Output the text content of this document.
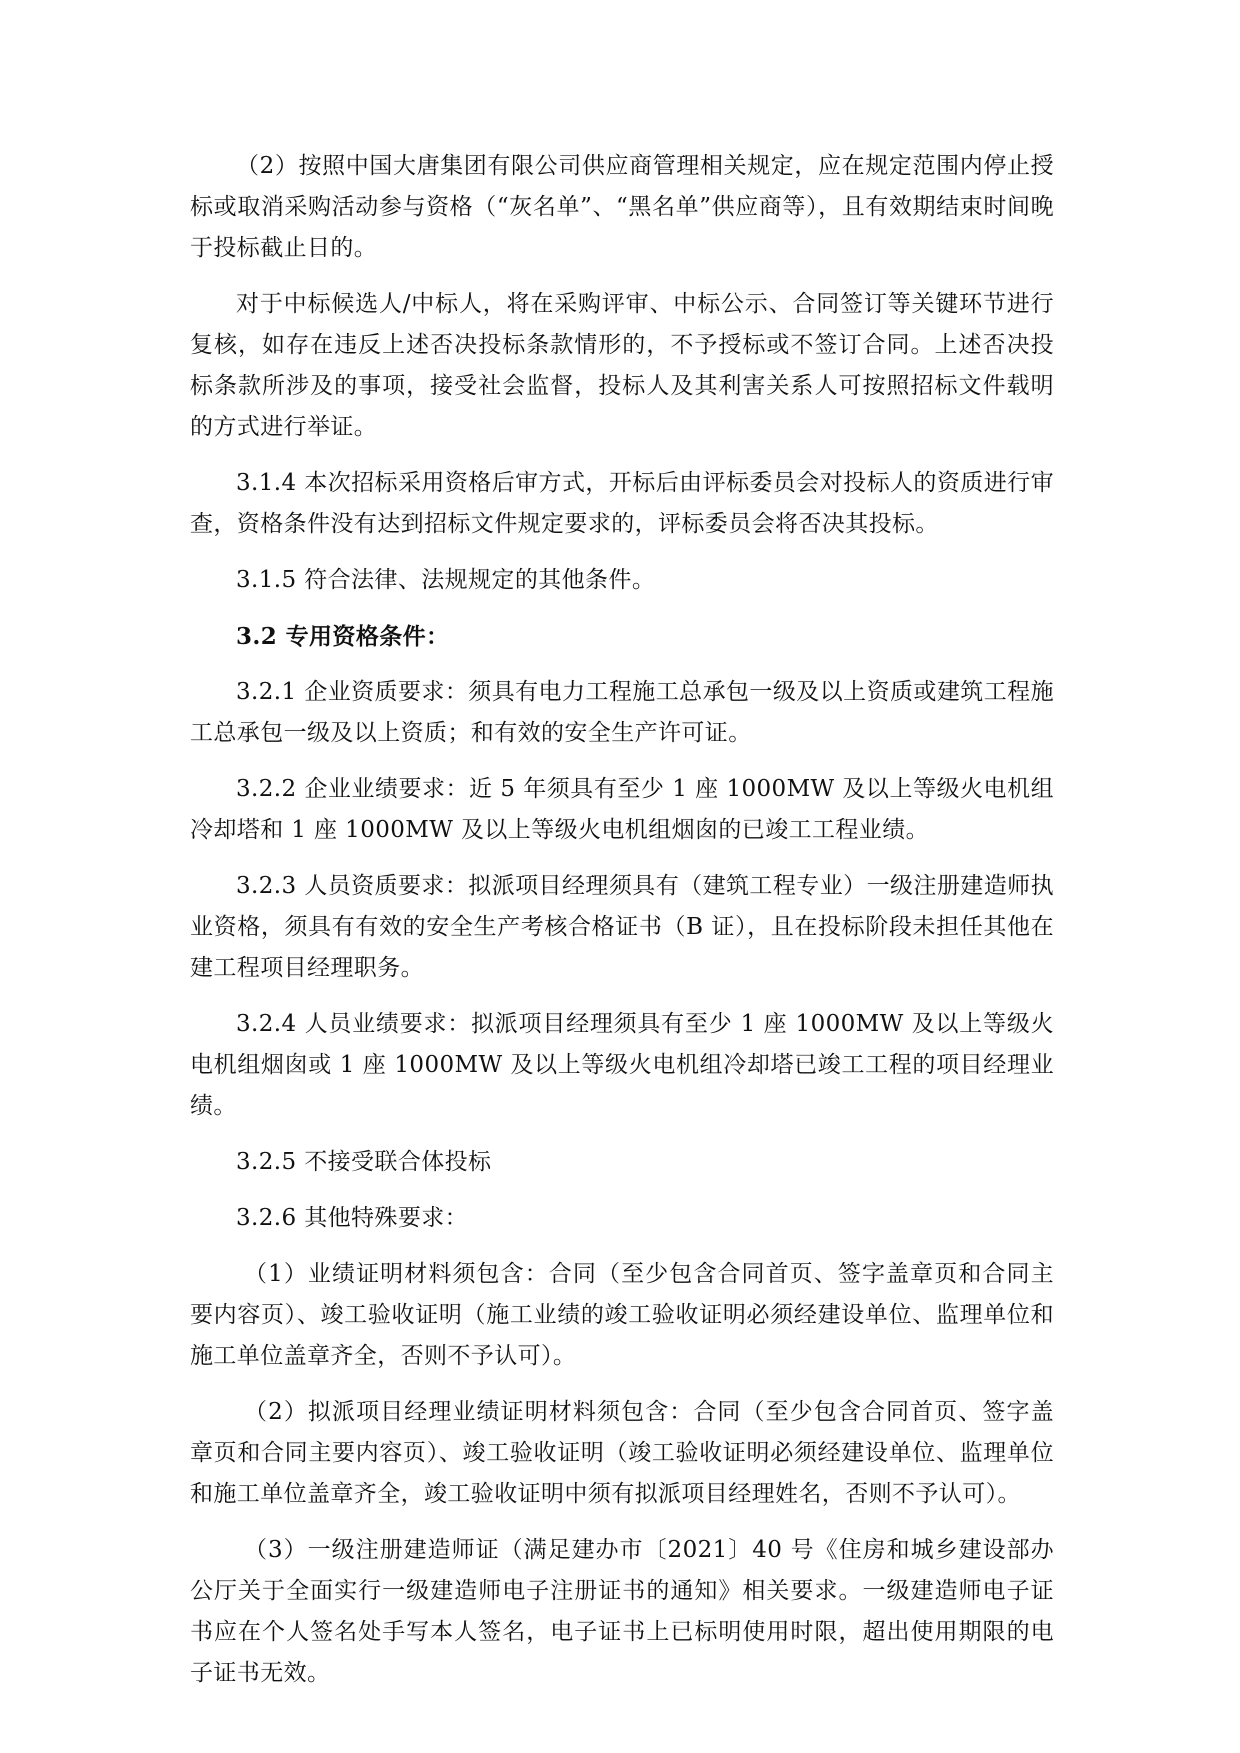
（2）按照中国大唐集团有限公司供应商管理相关规定，应在规定范围内停止授标或取消采购活动参与资格（“灰名单”、“黑名单”供应商等），且有效期结束时间晚于投标截止日的。

对于中标候选人/中标人，将在采购评审、中标公示、合同签订等关键环节进行复核，如存在违反上述否决投标条款情形的，不予授标或不签订合同。上述否决投标条款所涉及的事项，接受社会监督，投标人及其利害关系人可按照招标文件载明的方式进行举证。

3.1.4 本次招标采用资格后审方式，开标后由评标委员会对投标人的资质进行审查，资格条件没有达到招标文件规定要求的，评标委员会将否决其投标。

3.1.5 符合法律、法规规定的其他条件。

3.2 专用资格条件：

3.2.1 企业资质要求：须具有电力工程施工总承包一级及以上资质或建筑工程施工总承包一级及以上资质；和有效的安全生产许可证。

3.2.2 企业业绩要求：近 5 年须具有至少 1 座 1000MW 及以上等级火电机组冷却塔和 1 座 1000MW 及以上等级火电机组烟囱的已竣工工程业绩。

3.2.3 人员资质要求：拟派项目经理须具有（建筑工程专业）一级注册建造师执业资格，须具有有效的安全生产考核合格证书（B 证），且在投标阶段未担任其他在建工程项目经理职务。

3.2.4 人员业绩要求：拟派项目经理须具有至少 1 座 1000MW 及以上等级火电机组烟囱或 1 座 1000MW 及以上等级火电机组冷却塔已竣工工程的项目经理业绩。

3.2.5 不接受联合体投标

3.2.6 其他特殊要求：

（1）业绩证明材料须包含：合同（至少包含合同首页、签字盖章页和合同主要内容页）、竣工验收证明（施工业绩的竣工验收证明必须经建设单位、监理单位和施工单位盖章齐全，否则不予认可）。

（2）拟派项目经理业绩证明材料须包含：合同（至少包含合同首页、签字盖章页和合同主要内容页）、竣工验收证明（竣工验收证明必须经建设单位、监理单位和施工单位盖章齐全，竣工验收证明中须有拟派项目经理姓名，否则不予认可）。

（3）一级注册建造师证（满足建办市〔2021〕40 号《住房和城乡建设部办公厅关于全面实行一级建造师电子注册证书的通知》相关要求。一级建造师电子证书应在个人签名处手写本人签名，电子证书上已标明使用时限，超出使用期限的电子证书无效。
